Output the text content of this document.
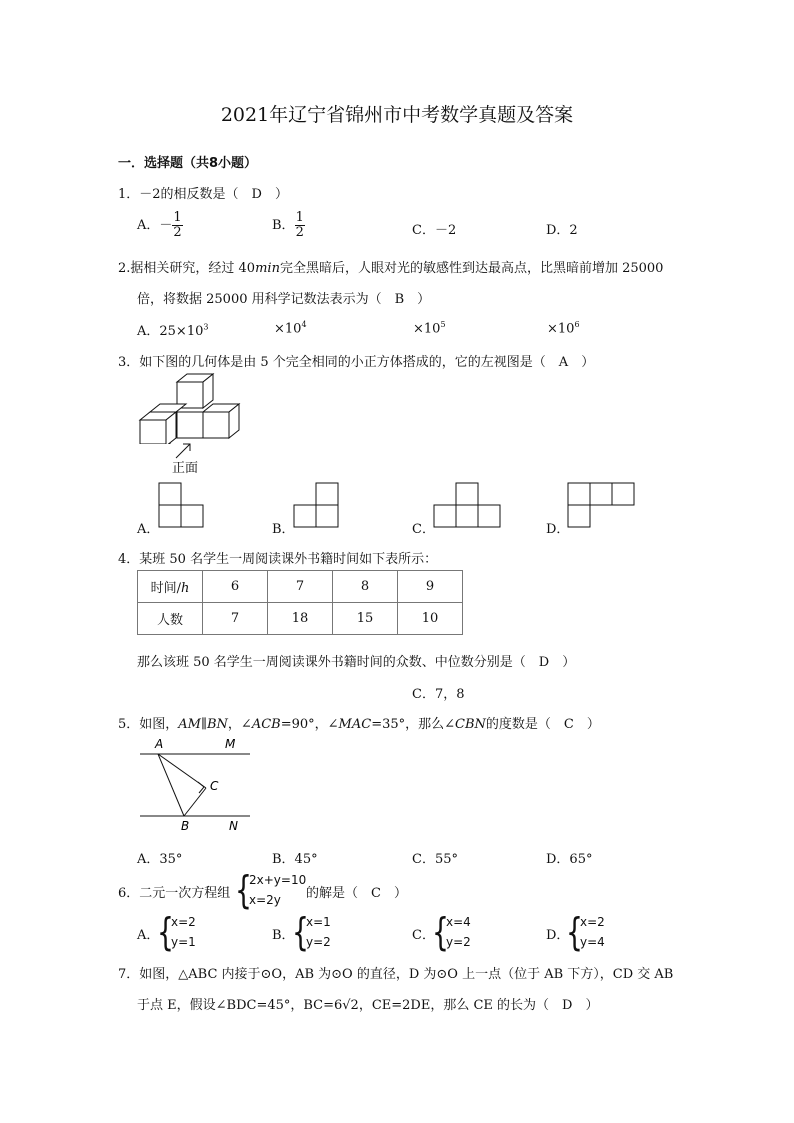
2021年辽宁省锦州市中考数学真题及答案
一．选择题（共8小题）
1．－2的相反数是（　D　）
A．－ $\frac{1}{2}$	B． $\frac{1}{2}$	C．－2	D．2
2.据相关研究，经过 40min完全黑暗后，人眼对光的敏感性到达最高点，比黑暗前增加 25000
倍，将数据 25000 用科学记数法表示为（　B　）
A．$25\times 10^3$	$\times 10^4$	$\times 10^5$	$\times 10^6$
3．如下图的几何体是由 5 个完全相同的小正方体搭成的，它的左视图是（　A　）
正面
A．	B．	C．	D．
4．某班 50 名学生一周阅读课外书籍时间如下表所示：
时间/h	6	7	8	9
人数	7	18	15	10
那么该班 50 名学生一周阅读课外书籍时间的众数、中位数分别是（　D　）
C．7，8
5．如图，AM∥BN，∠ACB=90°，∠MAC=35°，那么∠CBN的度数是（　C　）
A	M
C
B	N
A．35°	B．45°	C．55°	D．65°
6．二元一次方程组 {
2x+y=10
x=2y	的解是（　C　）
A．
{
x=2
y=1	B．
{
x=1
y=2	C．
{
x=4
y=2	D．
{
x=2
y=4
7．如图，△ABC 内接于⊙O，AB 为⊙O 的直径，D 为⊙O 上一点（位于 AB 下方），CD 交 AB
于点 E，假设∠BDC=45°，BC=6√2，CE=2DE，那么 CE 的长为（　D　）
